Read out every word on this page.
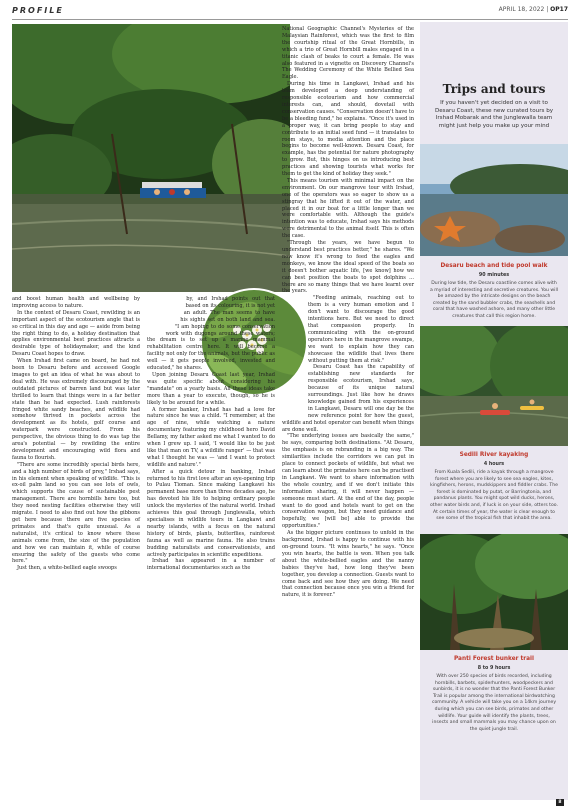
PROFILE	APRIL 18, 2022 | OP17

and boost human health and wellbeing by improving access to nature.

In the context of Desaru Coast, rewilding is an important aspect of the ecotourism angle that is so critical in this day and age — aside from being the right thing to do, a holiday destination that applies environmental best practices attracts a desirable type of holidaymaker, and the kind Desaru Coast hopes to draw.

When Irshad first came on board, he had not been to Desaru before and accessed Google images to get an idea of what he was about to deal with. He was extremely discouraged by the outdated pictures of barren land but was later thrilled to learn that things were in a far better state than he had expected. Lush rainforests fringed white sandy beaches, and wildlife had somehow thrived in pockets across the development as its hotels, golf course and waterpark were constructed. From his perspective, the obvious thing to do was tap the area's potential — by rewilding the entire development and encouraging wild flora and fauna to flourish.

"There are some incredibly special birds here, and a high number of birds of prey," Irshad says, in his element when speaking of wildlife. "This is ex-oil palm land so you can see lots of owls, which supports the cause of sustainable pest management. There are hornbills here too, but they need nesting facilities otherwise they will migrate. I need to also find out how the gibbons get here because there are five species of primates and that's quite unusual. As a naturalist, it's critical to know where these animals come from, the size of the population and how we can maintain it, while of course ensuring the safety of the guests who come here."

Just then, a white-bellied eagle swoops

by, and Irshad points out that based on its colouring, it is not yet an adult. The man seems to have his sights set on both land and sea. "I am hoping to do some conservation work with dugongs around these waters; the dream is to set up a marine mammal rehabilitation centre here. It will become a facility not only for the animals, but the public as well — it gets people involved, invested and educated," he shares.

Upon joining Desaru Coast last year, Irshad was quite specific about considering his "mandate" on a yearly basis. All these ideas take more than a year to execute, though, so he is likely to be around for a while.

A former banker, Irshad has had a love for nature since he was a child. "I remember, at the age of nine, while watching a nature documentary featuring my childhood hero David Bellamy, my father asked me what I wanted to do when I grew up. I said, 'I would like to be just like that man on TV, a wildlife ranger' — that was what I thought he was — 'and I want to protect wildlife and nature'."

After a quick detour in banking, Irshad returned to his first love after an eye-opening trip to Pulau Tioman. Since making Langkawi his permanent base more than three decades ago, he has devoted his life to helping ordinary people unlock the mysteries of the natural world. Irshad achieves this goal through Junglewalla, which specialises in wildlife tours in Langkawi and nearby islands, with a focus on the natural history of birds, plants, butterflies, rainforest fauna as well as marine fauna. He also trains budding naturalists and conservationists, and actively participates in scientific expeditions.

Irshad has appeared in a number of international documentaries such as the

National Geographic Channel's Mysteries of the Malaysian Rainforest, which was the first to film the courtship ritual of the Great Hornbills, in which a trio of Great Hornbill males engaged in a titanic clash of beaks to court a female. He was also featured in a vignette on Discovery Channel's The Wedding Ceremony of the White Bellied Sea Eagle.

During his time in Langkawi, Irshad and his team developed a deep understanding of responsible ecotourism and how commercial interests can, and should, dovetail with conservation causes. "Conservation doesn't have to be a bleeding fund," he explains. "Once it's used in a proper way, it can bring people to stay and contribute to an initial seed fund — it translates to room stays, to media attention and the place begins to become well-known. Desaru Coast, for example, has the potential for nature photography to grow. But, this hinges on us introducing best practices and showing tourists what works for them to get the kind of holiday they seek."

This means tourism with minimal impact on the environment. On our mangrove tour with Irshad, one of the operators was so eager to show us a stingray that he lifted it out of the water, and placed it in our boat for a little longer than we were comfortable with. Although the guide's intention was to educate, Irshad says his methods were detrimental to the animal itself. This is often the case.

"Through the years, we have begun to understand best practices better," he shares. "We now know it's wrong to feed the eagles and monkeys, we know the ideal speed of the boats so it doesn't bother aquatic life, [we know] how we can best position the boats to spot dolphins ... there are so many things that we have learnt over the years.

"Feeding animals, reaching out to them is a very human emotion and I don't want to discourage the good intentions here. But we need to direct that compassion properly. In communicating with the on-ground operators here in the mangrove swamps, we want to explain how they can showcase the wildlife that lives there without putting them at risk."

Desaru Coast has the capability of establishing new standards for responsible ecotourism, Irshad says, because of its unique natural surroundings. Just like how he draws knowledge gained from his experiences in Langkawi, Desaru will one day be the new reference point for how the guest, wildlife and hotel operator can benefit when things are done well.

"The underlying issues are basically the same," he says, comparing both destinations. "At Desaru, the emphasis is on rebranding in a big way. The similarities include the corridors we can put in place to connect pockets of wildlife, but what we can learn about the primates here can be practised in Langkawi. We want to share information with the whole country, and if we don't initiate this information sharing, it will never happen — someone must start. At the end of the day, people want to do good and hotels want to get on the conservation wagon, but they need guidance and hopefully, we [will be] able to provide the opportunities."

As the bigger picture continues to unfold in the background, Irshad is happy to continue with his on-ground tours. "It wins hearts," he says. "Once you win hearts, the battle is won. When you talk about the white-bellied eagles and the nanny babies they've had, how long they've been together, you develop a connection. Guests want to come back and see how they are doing. We need that connection because once you win a friend for nature, it is forever."

Trips and tours
If you haven't yet decided on a visit to Desaru Coast, these new curated tours by Irshad Mobarak and the Junglewalla team might just help you make up your mind
Desaru beach and tide pool walk
90 minutes
During low tide, the Desaru coastline comes alive with a myriad of interesting and secretive creatures. You will be amazed by the intricate designs on the beach created by the sand bubbler crabs, the seashells and coral that have washed ashore, and many other little creatures that call this region home.
Sedili River kayaking
4 hours
From Kuala Sedili, ride a kayak through a mangrove forest where you are likely to see sea eagles, kites, kingfishers, herons, mudskippers and fiddler crabs. The forest is dominated by putat, or Barringtonia, and pandanus plants. You might spot wild ducks, herons, other water birds and, if luck is on your side, otters too. At certain times of year, the water is clear enough to see some of the tropical fish that inhabit the area.
Panti Forest bunker trail
8 to 9 hours
With over 250 species of birds recorded, including hornbills, barbets, spiderhunters, woodpeckers and sunbirds, it is no wonder that the Panti Forest Bunker Trail is popular among the international birdwatching community. A vehicle will take you on a 14km journey during which you can see birds, primates and other wildlife. Your guide will identify the plants, trees, insects and small mammals you may chance upon on the quiet jungle trail.
8
